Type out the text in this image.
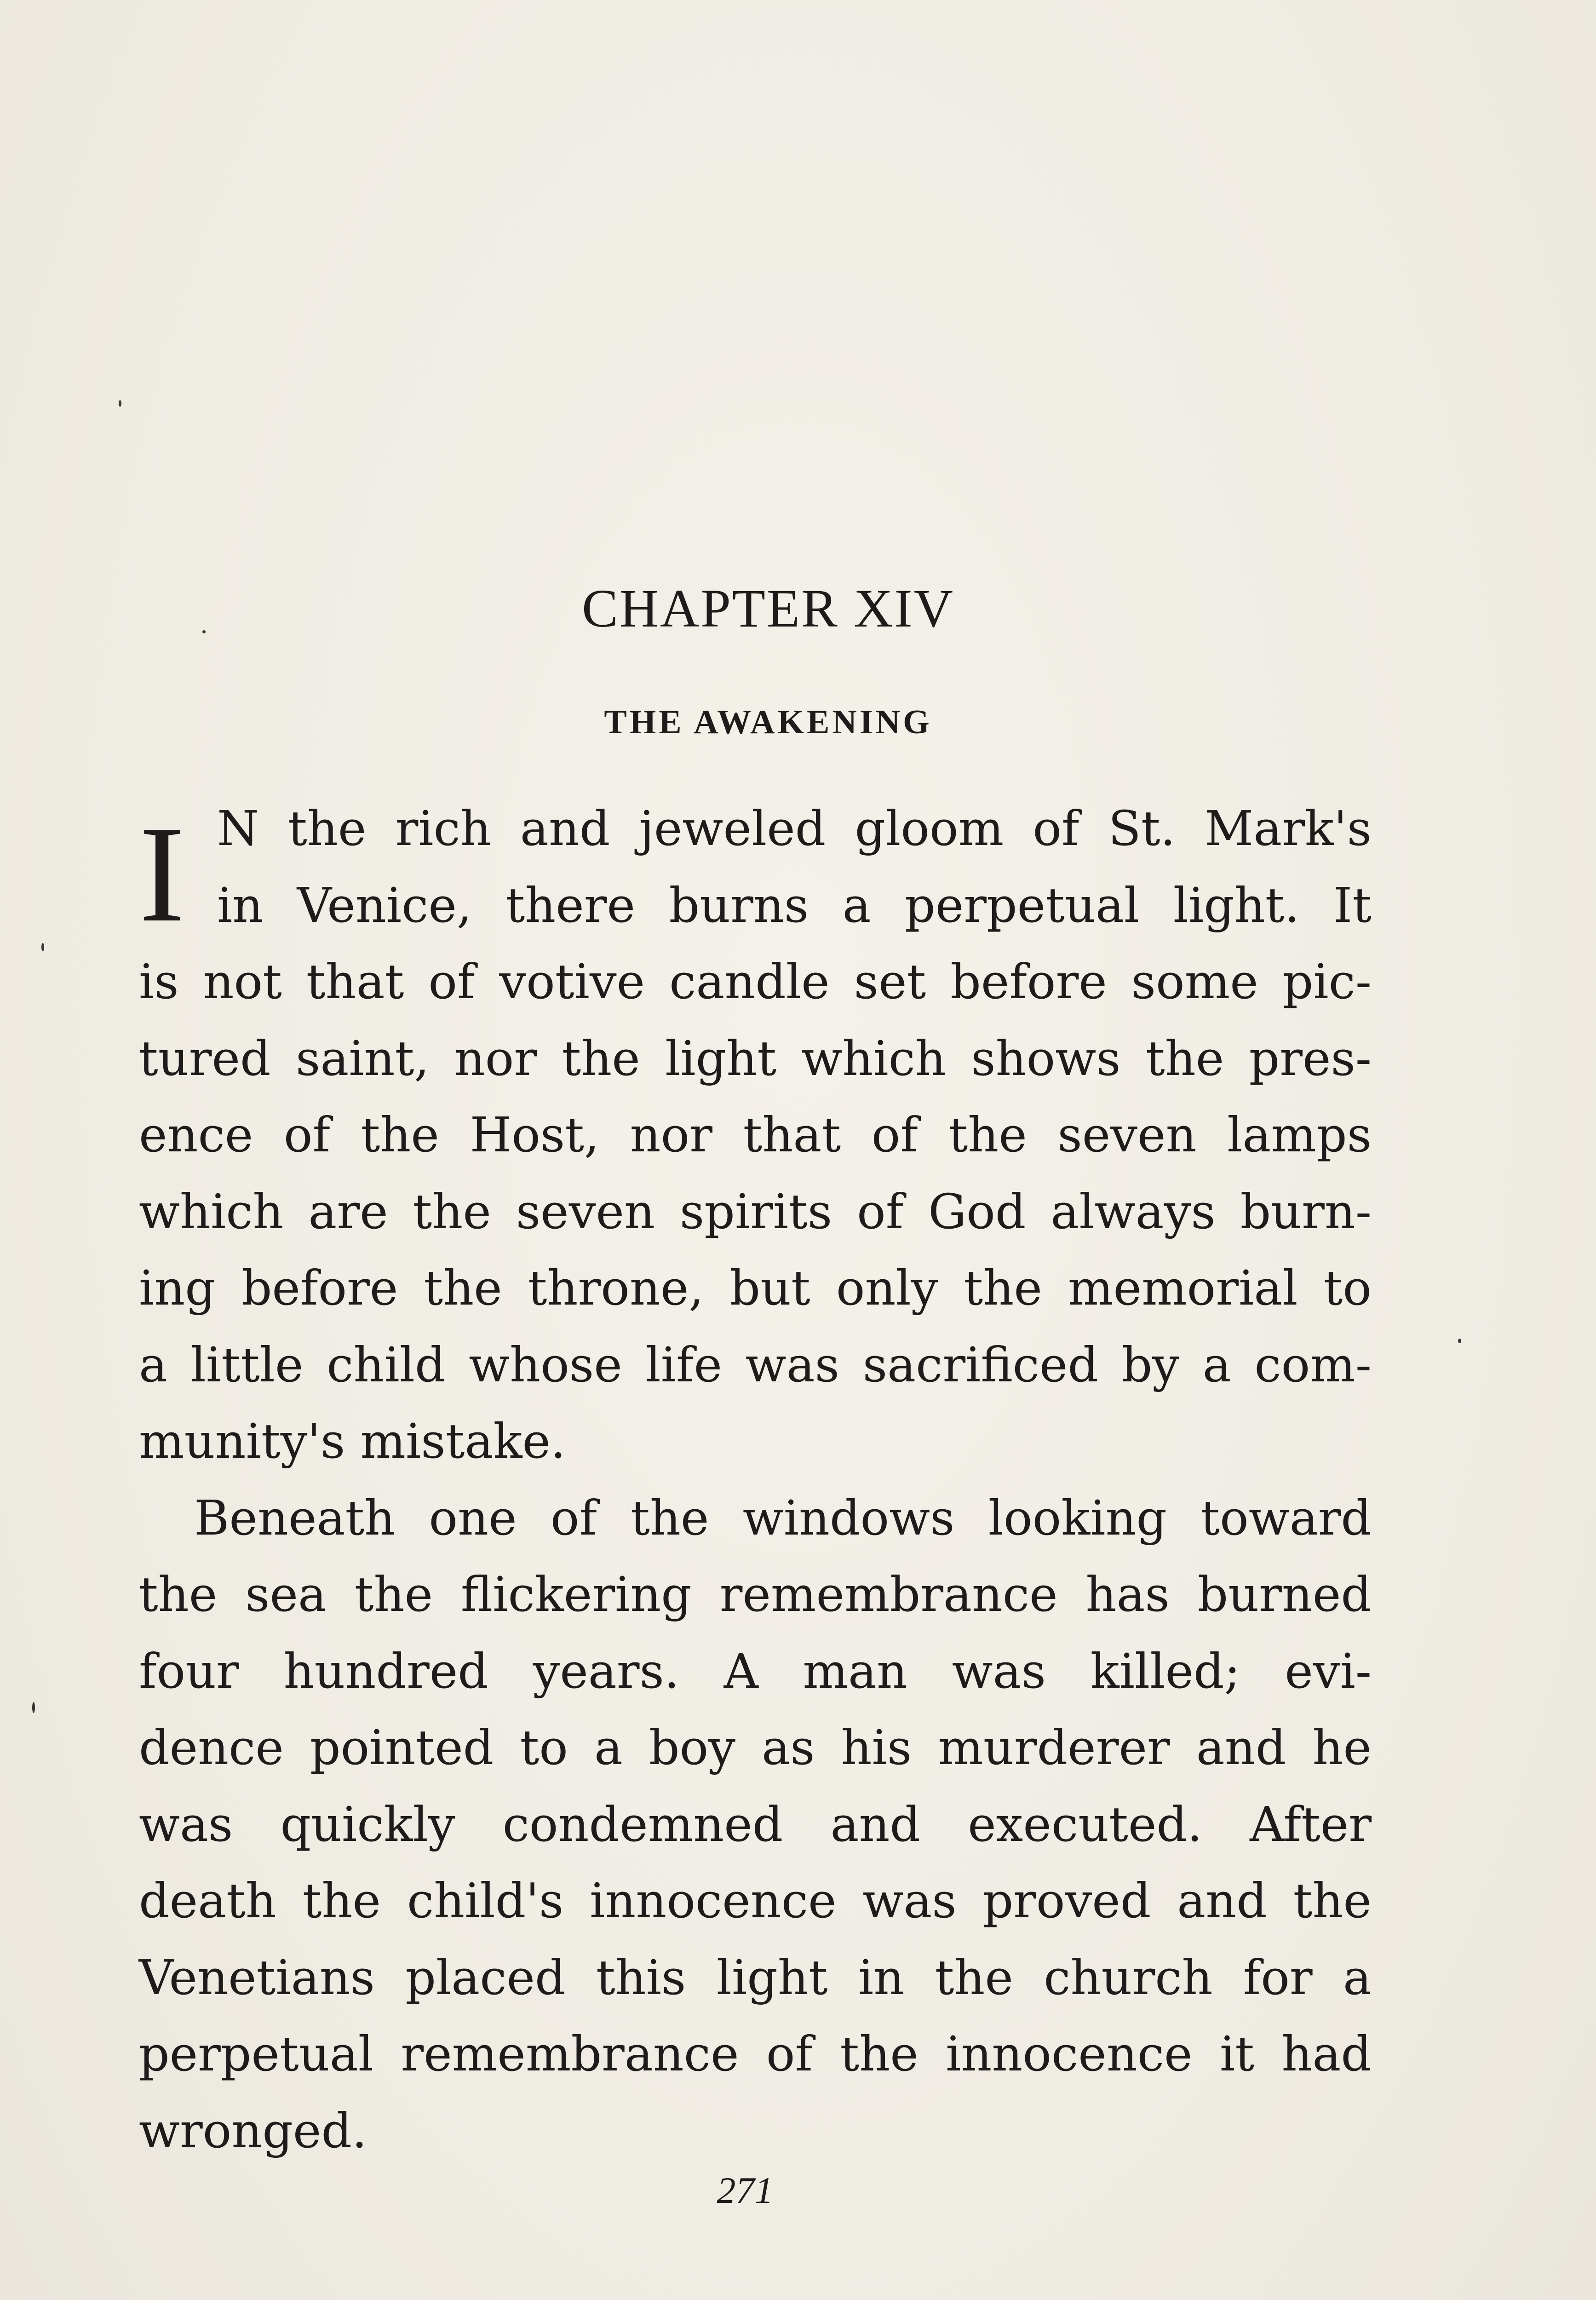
CHAPTER XIV
THE AWAKENING
I N the rich and jeweled gloom of St. Mark's
in Venice, there burns a perpetual light. It
is not that of votive candle set before some pic-
tured saint, nor the light which shows the pres-
ence of the Host, nor that of the seven lamps
which are the seven spirits of God always burn-
ing before the throne, but only the memorial to
a little child whose life was sacrificed by a com-
munity's mistake.
Beneath one of the windows looking toward
the sea the flickering remembrance has burned
four hundred years. A man was killed; evi-
dence pointed to a boy as his murderer and he
was quickly condemned and executed. After
death the child's innocence was proved and the
Venetians placed this light in the church for a
perpetual remembrance of the innocence it had
wronged.
271
